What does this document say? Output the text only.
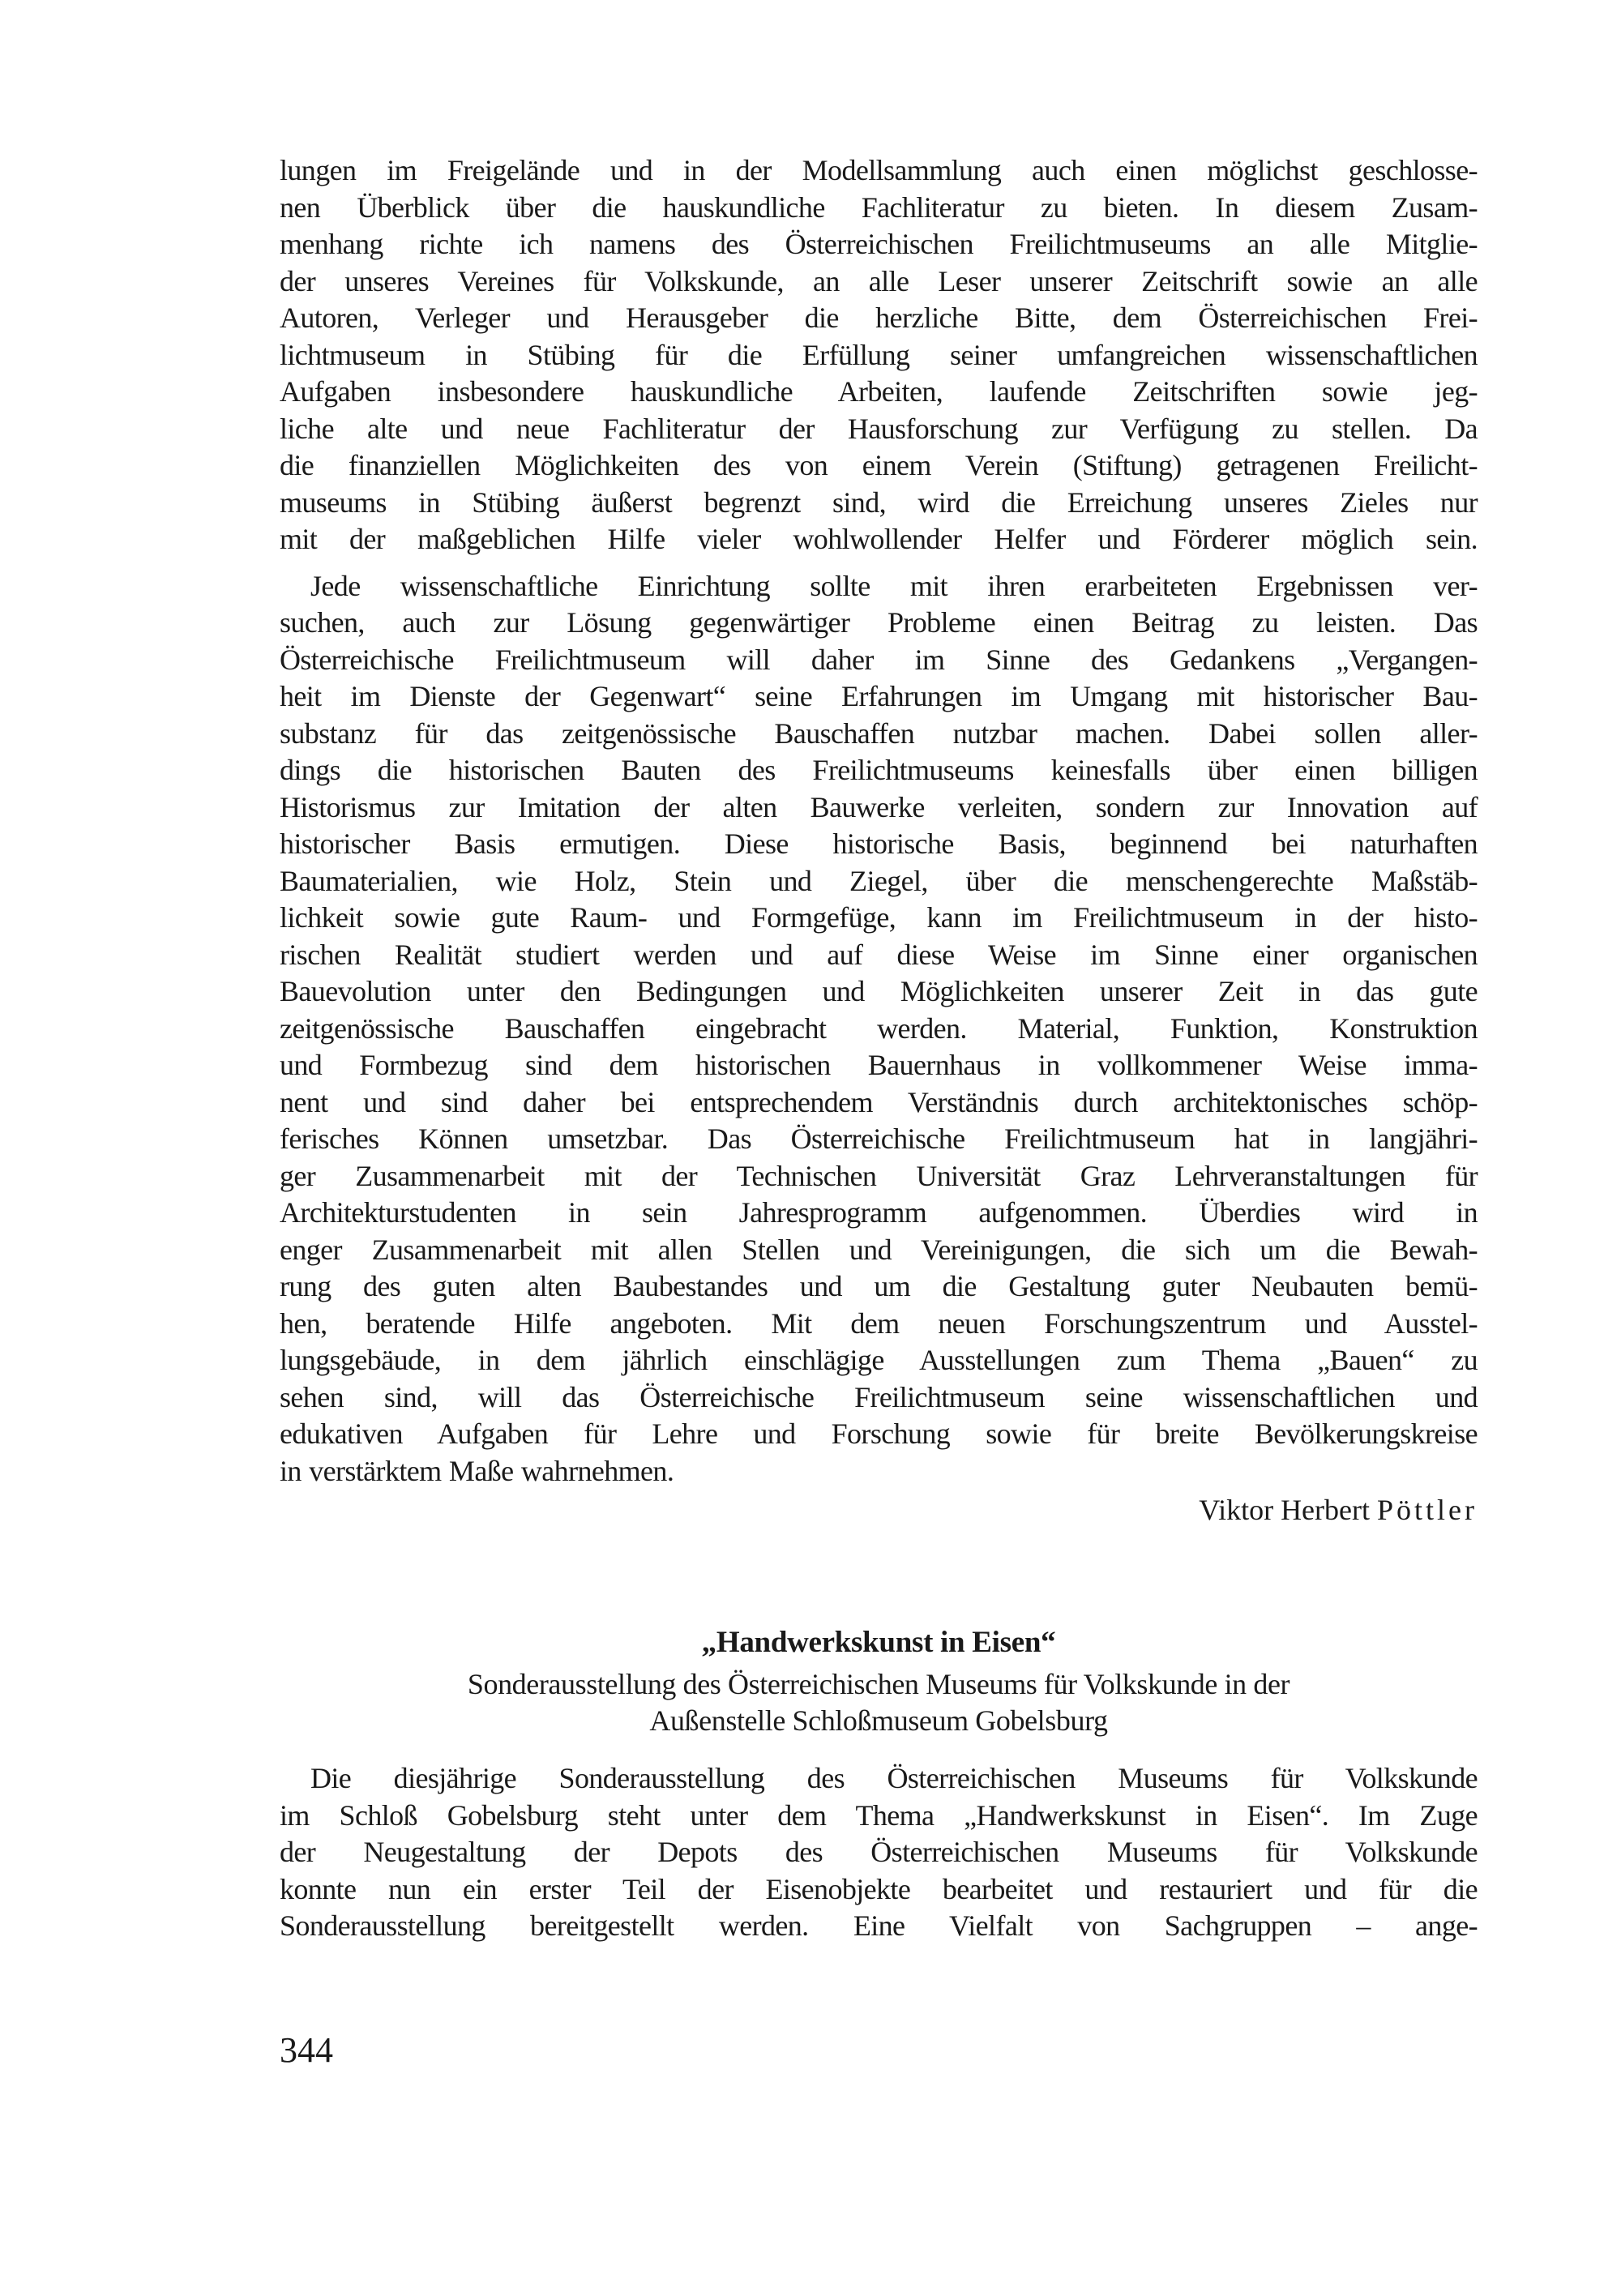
lungen im Freigelände und in der Modellsammlung auch einen möglichst geschlosse-
nen Überblick über die hauskundliche Fachliteratur zu bieten. In diesem Zusam-
menhang richte ich namens des Österreichischen Freilichtmuseums an alle Mitglie-
der unseres Vereines für Volkskunde, an alle Leser unserer Zeitschrift sowie an alle
Autoren, Verleger und Herausgeber die herzliche Bitte, dem Österreichischen Frei-
lichtmuseum in Stübing für die Erfüllung seiner umfangreichen wissenschaftlichen
Aufgaben insbesondere hauskundliche Arbeiten, laufende Zeitschriften sowie jeg-
liche alte und neue Fachliteratur der Hausforschung zur Verfügung zu stellen. Da
die finanziellen Möglichkeiten des von einem Verein (Stiftung) getragenen Freilicht-
museums in Stübing äußerst begrenzt sind, wird die Erreichung unseres Zieles nur
mit der maßgeblichen Hilfe vieler wohlwollender Helfer und Förderer möglich sein.
Jede wissenschaftliche Einrichtung sollte mit ihren erarbeiteten Ergebnissen ver-
suchen, auch zur Lösung gegenwärtiger Probleme einen Beitrag zu leisten. Das
Österreichische Freilichtmuseum will daher im Sinne des Gedankens „Vergangen-
heit im Dienste der Gegenwart“ seine Erfahrungen im Umgang mit historischer Bau-
substanz für das zeitgenössische Bauschaffen nutzbar machen. Dabei sollen aller-
dings die historischen Bauten des Freilichtmuseums keinesfalls über einen billigen
Historismus zur Imitation der alten Bauwerke verleiten, sondern zur Innovation auf
historischer Basis ermutigen. Diese historische Basis, beginnend bei naturhaften
Baumaterialien, wie Holz, Stein und Ziegel, über die menschengerechte Maßstäb-
lichkeit sowie gute Raum- und Formgefüge, kann im Freilichtmuseum in der histo-
rischen Realität studiert werden und auf diese Weise im Sinne einer organischen
Bauevolution unter den Bedingungen und Möglichkeiten unserer Zeit in das gute
zeitgenössische Bauschaffen eingebracht werden. Material, Funktion, Konstruktion
und Formbezug sind dem historischen Bauernhaus in vollkommener Weise imma-
nent und sind daher bei entsprechendem Verständnis durch architektonisches schöp-
ferisches Können umsetzbar. Das Österreichische Freilichtmuseum hat in langjähri-
ger Zusammenarbeit mit der Technischen Universität Graz Lehrveranstaltungen für
Architekturstudenten in sein Jahresprogramm aufgenommen. Überdies wird in
enger Zusammenarbeit mit allen Stellen und Vereinigungen, die sich um die Bewah-
rung des guten alten Baubestandes und um die Gestaltung guter Neubauten bemü-
hen, beratende Hilfe angeboten. Mit dem neuen Forschungszentrum und Ausstel-
lungsgebäude, in dem jährlich einschlägige Ausstellungen zum Thema „Bauen“ zu
sehen sind, will das Österreichische Freilichtmuseum seine wissenschaftlichen und
edukativen Aufgaben für Lehre und Forschung sowie für breite Bevölkerungskreise
in verstärktem Maße wahrnehmen.
Viktor Herbert Pöttler
„Handwerkskunst in Eisen“
Sonderausstellung des Österreichischen Museums für Volkskunde in der
Außenstelle Schloßmuseum Gobelsburg
Die diesjährige Sonderausstellung des Österreichischen Museums für Volkskunde
im Schloß Gobelsburg steht unter dem Thema „Handwerkskunst in Eisen“. Im Zuge
der Neugestaltung der Depots des Österreichischen Museums für Volkskunde
konnte nun ein erster Teil der Eisenobjekte bearbeitet und restauriert und für die
Sonderausstellung bereitgestellt werden. Eine Vielfalt von Sachgruppen – ange-
344
